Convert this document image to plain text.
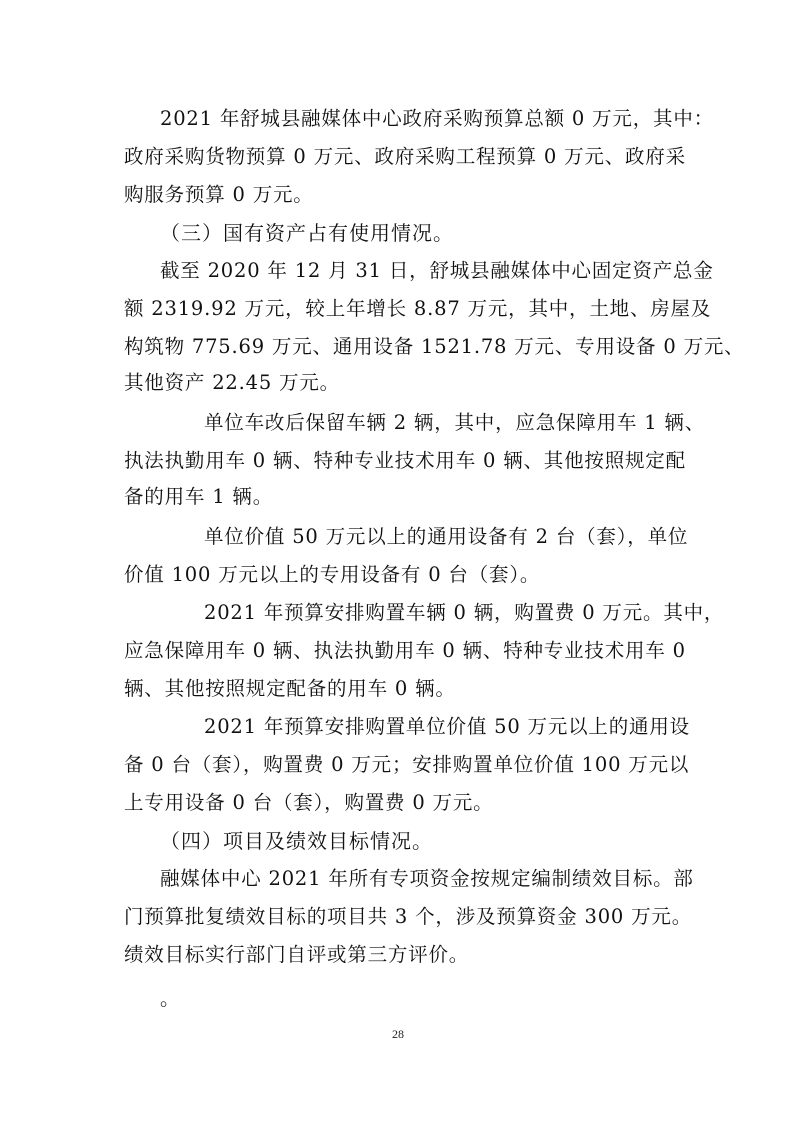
2021 年舒城县融媒体中心政府采购预算总额 0 万元，其中：
政府采购货物预算 0 万元、政府采购工程预算 0 万元、政府采
购服务预算 0 万元。
（三）国有资产占有使用情况。
截至 2020 年 12 月 31 日，舒城县融媒体中心固定资产总金
额 2319.92 万元，较上年增长 8.87 万元，其中，土地、房屋及
构筑物 775.69 万元、通用设备 1521.78 万元、专用设备 0 万元、
其他资产 22.45 万元。
单位车改后保留车辆 2 辆，其中，应急保障用车 1 辆、
执法执勤用车 0 辆、特种专业技术用车 0 辆、其他按照规定配
备的用车 1 辆。
单位价值 50 万元以上的通用设备有 2 台（套），单位
价值 100 万元以上的专用设备有 0 台（套）。
2021 年预算安排购置车辆 0 辆，购置费 0 万元。其中，
应急保障用车 0 辆、执法执勤用车 0 辆、特种专业技术用车 0
辆、其他按照规定配备的用车 0 辆。
2021 年预算安排购置单位价值 50 万元以上的通用设
备 0 台（套），购置费 0 万元；安排购置单位价值 100 万元以
上专用设备 0 台（套），购置费 0 万元。
（四）项目及绩效目标情况。
融媒体中心 2021 年所有专项资金按规定编制绩效目标。部
门预算批复绩效目标的项目共 3 个，涉及预算资金 300 万元。
绩效目标实行部门自评或第三方评价。
。
28
